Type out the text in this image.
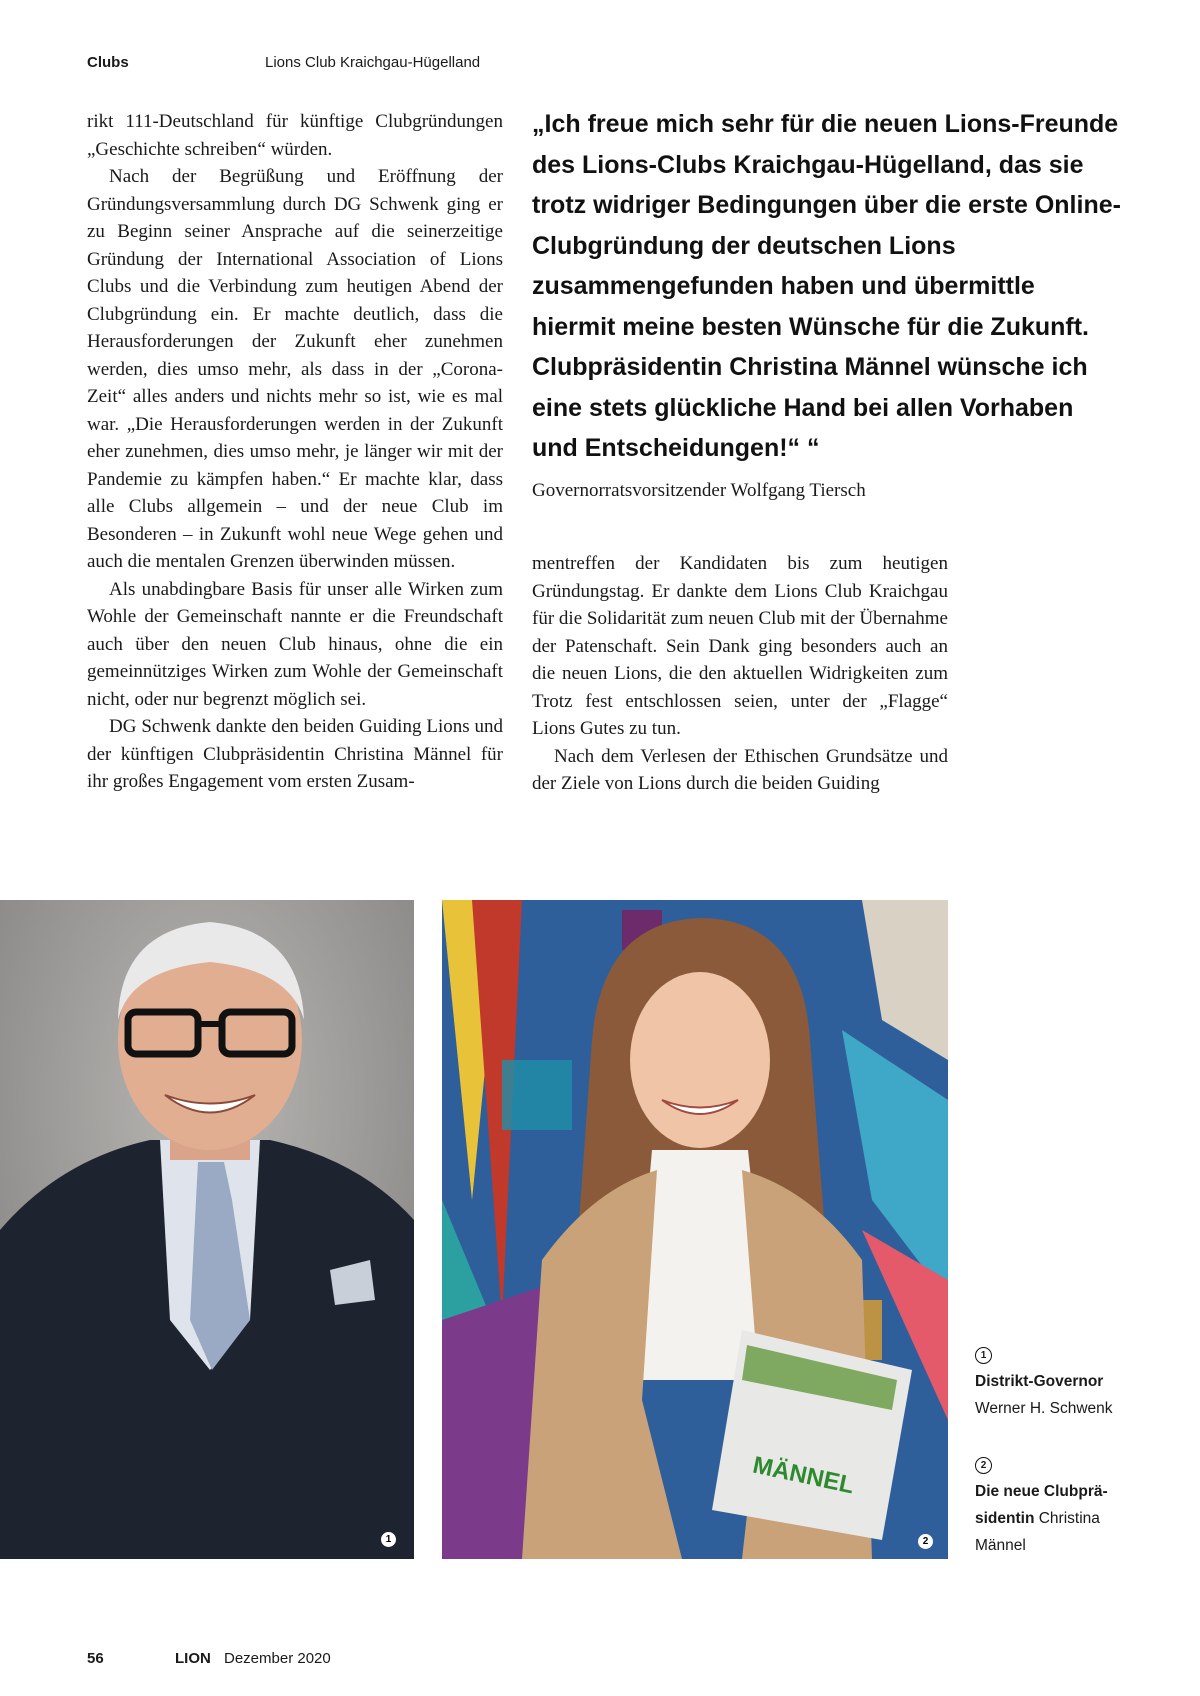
Clubs	Lions Club Kraichgau-Hügelland

rikt 111-Deutschland für künftige Clubgründungen „Geschichte schreiben“ würden.

Nach der Begrüßung und Eröffnung der Gründungsversammlung durch DG Schwenk ging er zu Beginn seiner Ansprache auf die seinerzeitige Gründung der International Association of Lions Clubs und die Verbindung zum heutigen Abend der Clubgründung ein. Er machte deutlich, dass die Herausforderungen der Zukunft eher zunehmen werden, dies umso mehr, als dass in der „Corona-Zeit“ alles anders und nichts mehr so ist, wie es mal war. „Die Herausforderungen werden in der Zukunft eher zunehmen, dies umso mehr, je länger wir mit der Pandemie zu kämpfen haben.“ Er machte klar, dass alle Clubs allgemein – und der neue Club im Besonderen – in Zukunft wohl neue Wege gehen und auch die mentalen Grenzen überwinden müssen.

Als unabdingbare Basis für unser alle Wirken zum Wohle der Gemeinschaft nannte er die Freundschaft auch über den neuen Club hinaus, ohne die ein gemeinnütziges Wirken zum Wohle der Gemeinschaft nicht, oder nur begrenzt möglich sei.

DG Schwenk dankte den beiden Guiding Lions und der künftigen Clubpräsidentin Christina Männel für ihr großes Engagement vom ersten Zusam-

„Ich freue mich sehr für die neuen Lions-Freunde des Lions-Clubs Kraichgau-Hügelland, das sie trotz widriger Bedingungen über die erste Online-Clubgründung der deutschen Lions zusammengefunden haben und übermittle hiermit meine besten Wünsche für die Zukunft. Clubpräsidentin Christina Männel wünsche ich eine stets glückliche Hand bei allen Vorhaben und Entscheidungen!“ “
Governorratsvorsitzender Wolfgang Tiersch

mentreffen der Kandidaten bis zum heutigen Gründungstag. Er dankte dem Lions Club Kraichgau für die Solidarität zum neuen Club mit der Übernahme der Patenschaft. Sein Dank ging besonders auch an die neuen Lions, die den aktuellen Widrigkeiten zum Trotz fest entschlossen seien, unter der „Flagge“ Lions Gutes zu tun.

Nach dem Verlesen der Ethischen Grundsätze und der Ziele von Lions durch die beiden Guiding

1
MÄNNEL
2
1
Distrikt-Governor
Werner H. Schwenk
2
Die neue Clubprä-
sidentin Christina Männel
56	LION Dezember 2020
